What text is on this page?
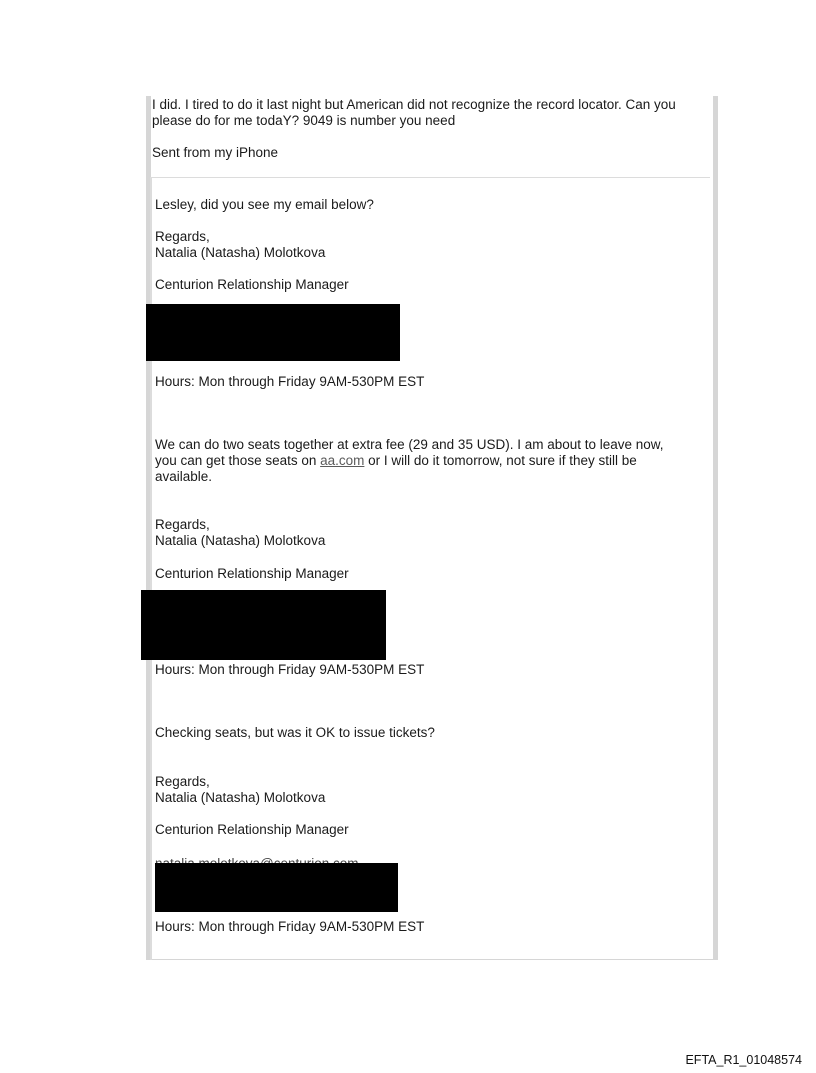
I did. I tired to do it last night but American did not recognize the record locator. Can you
please do for me todaY? 9049 is number you need
Sent from my iPhone
Lesley, did you see my email below?
Regards,
Natalia (Natasha) Molotkova
Centurion Relationship Manager
Hours: Mon through Friday 9AM-530PM EST
We can do two seats together at extra fee (29 and 35 USD). I am about to leave now,
you can get those seats on aa.com or I will do it tomorrow, not sure if they still be
available.
Regards,
Natalia (Natasha) Molotkova
Centurion Relationship Manager
Hours: Mon through Friday 9AM-530PM EST
Checking seats, but was it OK to issue tickets?
Regards,
Natalia (Natasha) Molotkova
Centurion Relationship Manager
Hours: Mon through Friday 9AM-530PM EST
EFTA_R1_01048574
